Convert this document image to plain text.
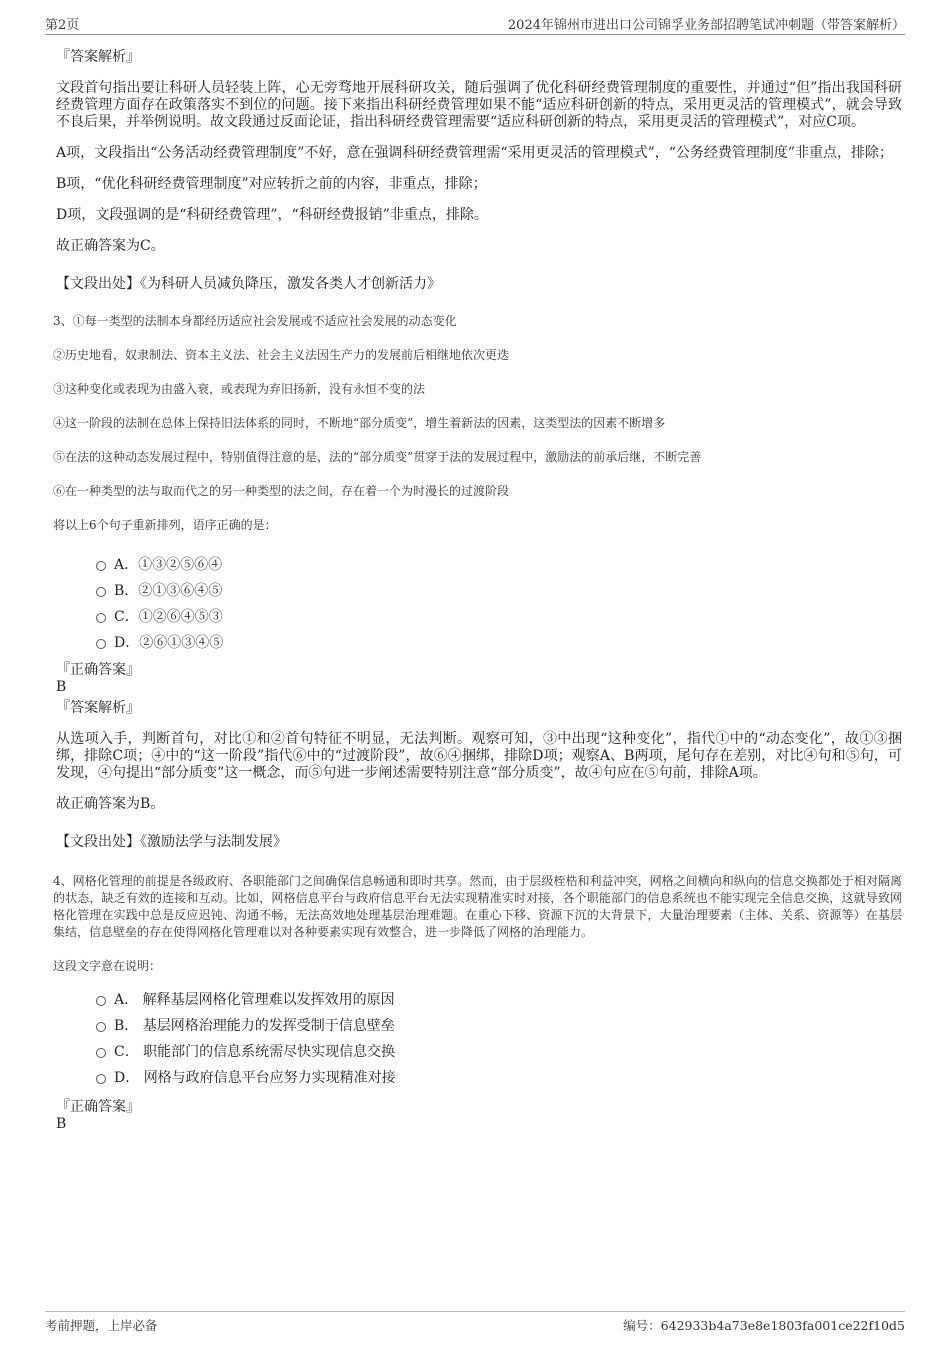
第2页	2024年锦州市进出口公司锦孚业务部招聘笔试冲刺题（带答案解析）

『答案解析』

文段首句指出要让科研人员轻装上阵，心无旁骛地开展科研攻关，随后强调了优化科研经费管理制度的重要性，并通过“但”指出我国科研经费管理方面存在政策落实不到位的问题。接下来指出科研经费管理如果不能“适应科研创新的特点，采用更灵活的管理模式”，就会导致不良后果，并举例说明。故文段通过反面论证，指出科研经费管理需要“适应科研创新的特点，采用更灵活的管理模式”，对应C项。

A项，文段指出“公务活动经费管理制度”不好，意在强调科研经费管理需“采用更灵活的管理模式”，“公务经费管理制度”非重点，排除；

B项，“优化科研经费管理制度”对应转折之前的内容，非重点，排除；

D项，文段强调的是“科研经费管理”，“科研经费报销”非重点，排除。

故正确答案为C。

【文段出处】《为科研人员减负降压，激发各类人才创新活力》

3、①每一类型的法制本身都经历适应社会发展或不适应社会发展的动态变化

②历史地看，奴隶制法、资本主义法、社会主义法因生产力的发展前后相继地依次更迭

③这种变化或表现为由盛入衰，或表现为弃旧扬新，没有永恒不变的法

④这一阶段的法制在总体上保持旧法体系的同时，不断地“部分质变”，增生着新法的因素，这类型法的因素不断增多

⑤在法的这种动态发展过程中，特别值得注意的是，法的“部分质变”贯穿于法的发展过程中，激励法的前承后继，不断完善

⑥在一种类型的法与取而代之的另一种类型的法之间，存在着一个为时漫长的过渡阶段

将以上6个句子重新排列，语序正确的是：

A．①③②⑤⑥④
B．②①③⑥④⑤
C．①②⑥④⑤③
D．②⑥①③④⑤

『正确答案』

B

『答案解析』

从选项入手，判断首句，对比①和②首句特征不明显，无法判断。观察可知，③中出现“这种变化”，指代①中的“动态变化”，故①③捆绑，排除C项；④中的“这一阶段”指代⑥中的“过渡阶段”，故⑥④捆绑，排除D项；观察A、B两项，尾句存在差别，对比④句和⑤句，可发现，④句提出“部分质变”这一概念，而⑤句进一步阐述需要特别注意“部分质变”，故④句应在⑤句前，排除A项。

故正确答案为B。

【文段出处】《激励法学与法制发展》

4、网格化管理的前提是各级政府、各职能部门之间确保信息畅通和即时共享。然而，由于层级桎梏和利益冲突，网格之间横向和纵向的信息交换都处于相对隔离的状态，缺乏有效的连接和互动。比如，网格信息平台与政府信息平台无法实现精准实时对接，各个职能部门的信息系统也不能实现完全信息交换，这就导致网格化管理在实践中总是反应迟钝、沟通不畅，无法高效地处理基层治理难题。在重心下移、资源下沉的大背景下，大量治理要素（主体、关系、资源等）在基层集结，信息壁垒的存在使得网格化管理难以对各种要素实现有效整合，进一步降低了网格的治理能力。

这段文字意在说明：

A． 解释基层网格化管理难以发挥效用的原因
B． 基层网格治理能力的发挥受制于信息壁垒
C． 职能部门的信息系统需尽快实现信息交换
D． 网格与政府信息平台应努力实现精准对接

『正确答案』

B

考前押题，上岸必备	编号：642933b4a73e8e1803fa001ce22f10d5
